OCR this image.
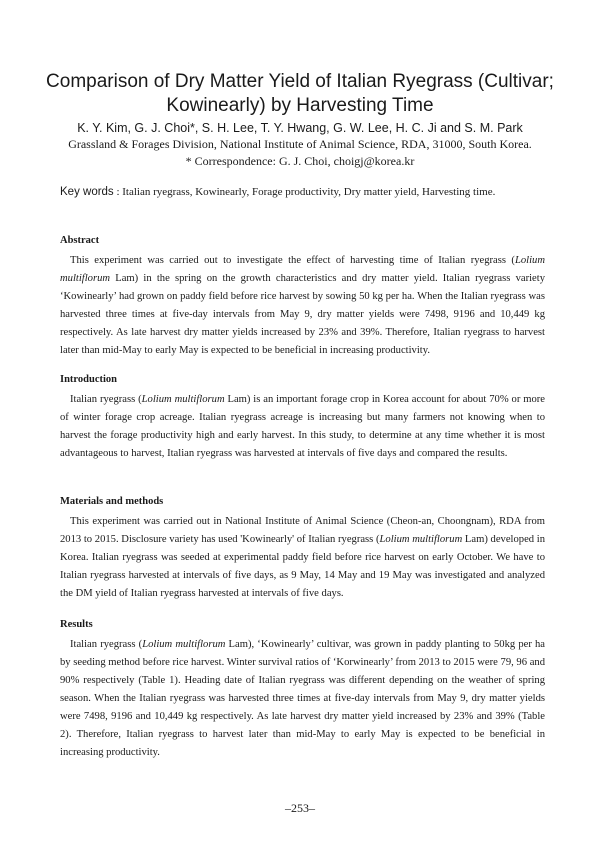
Comparison of Dry Matter Yield of Italian Ryegrass (Cultivar;
Kowinearly) by Harvesting Time
K. Y. Kim, G. J. Choi*, S. H. Lee, T. Y. Hwang, G. W. Lee, H. C. Ji and S. M. Park
Grassland & Forages Division, National Institute of Animal Science, RDA, 31000, South Korea.
* Correspondence: G. J. Choi, choigj@korea.kr
Key words : Italian ryegrass, Kowinearly, Forage productivity, Dry matter yield, Harvesting time.
Abstract

This experiment was carried out to investigate the effect of harvesting time of Italian ryegrass (Lolium multiflorum Lam) in the spring on the growth characteristics and dry matter yield. Italian ryegrass variety ‘Kowinearly’ had grown on paddy field before rice harvest by sowing 50 kg per ha. When the Italian ryegrass was harvested three times at five-day intervals from May 9, dry matter yields were 7498, 9196 and 10,449 kg respectively. As late harvest dry matter yields increased by 23% and 39%. Therefore, Italian ryegrass to harvest later than mid-May to early May is expected to be beneficial in increasing productivity.

Introduction

Italian ryegrass (Lolium multiflorum Lam) is an important forage crop in Korea account for about 70% or more of winter forage crop acreage. Italian ryegrass acreage is increasing but many farmers not knowing when to harvest the forage productivity high and early harvest. In this study, to determine at any time whether it is most advantageous to harvest, Italian ryegrass was harvested at intervals of five days and compared the results.

Materials and methods

This experiment was carried out in National Institute of Animal Science (Cheon-an, Choongnam), RDA from 2013 to 2015. Disclosure variety has used 'Kowinearly' of Italian ryegrass (Lolium multiflorum Lam) developed in Korea. Italian ryegrass was seeded at experimental paddy field before rice harvest on early October. We have to Italian ryegrass harvested at intervals of five days, as 9 May, 14 May and 19 May was investigated and analyzed the DM yield of Italian ryegrass harvested at intervals of five days.

Results

Italian ryegrass (Lolium multiflorum Lam), ‘Kowinearly’ cultivar, was grown in paddy planting to 50kg per ha by seeding method before rice harvest. Winter survival ratios of ‘Korwinearly’ from 2013 to 2015 were 79, 96 and 90% respectively (Table 1). Heading date of Italian ryegrass was different depending on the weather of spring season. When the Italian ryegrass was harvested three times at five-day intervals from May 9, dry matter yields were 7498, 9196 and 10,449 kg respectively. As late harvest dry matter yield increased by 23% and 39% (Table 2). Therefore, Italian ryegrass to harvest later than mid-May to early May is expected to be beneficial in increasing productivity.

–253–
